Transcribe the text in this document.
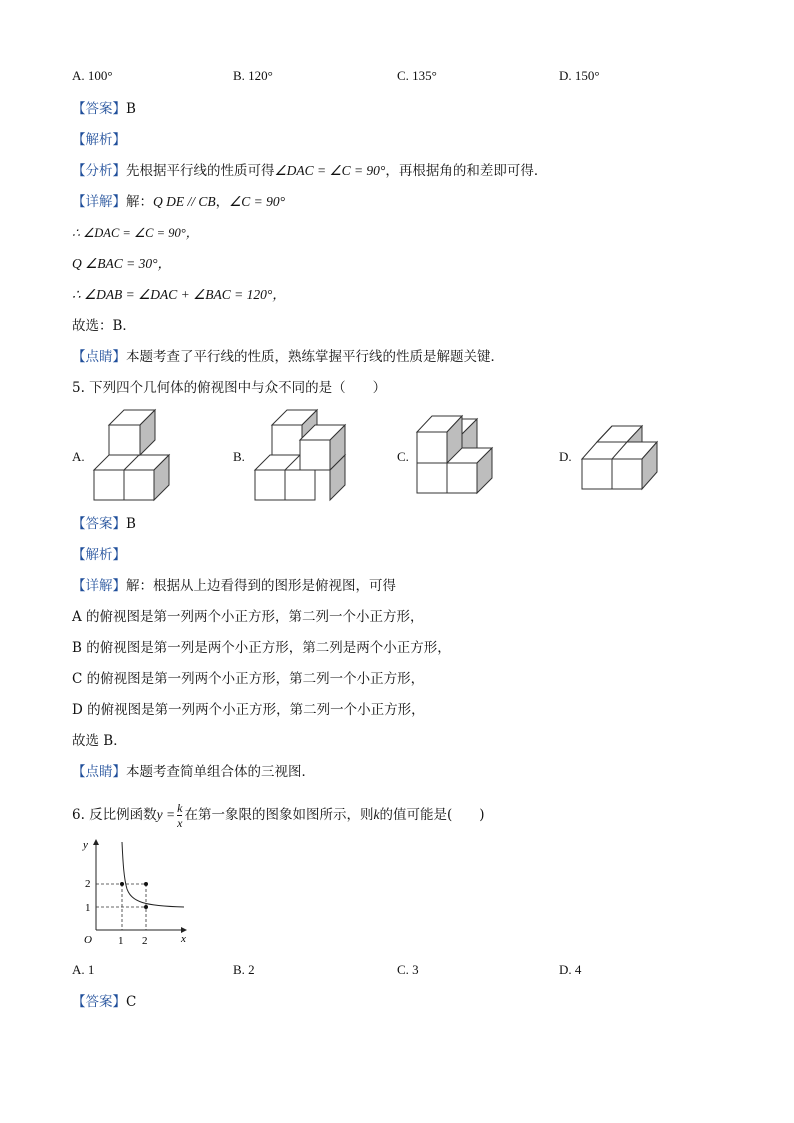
A. 100°	B. 120°	C. 135°	D. 150°
【答案】B
【解析】
【分析】先根据平行线的性质可得∠DAC = ∠C = 90°，再根据角的和差即可得．
【详解】解：Q DE // CB，∠C = 90°
∴ ∠DAC = ∠C = 90°，
Q ∠BAC = 30°，
∴ ∠DAB = ∠DAC + ∠BAC = 120°，
故选：B．
【点睛】本题考查了平行线的性质，熟练掌握平行线的性质是解题关键．
5. 下列四个几何体的俯视图中与众不同的是（　　）
A.	B.	C.	D.
【答案】B
【解析】
【详解】解：根据从上边看得到的图形是俯视图，可得
A 的俯视图是第一列两个小正方形，第二列一个小正方形，
B 的俯视图是第一列是两个小正方形，第二列是两个小正方形，
C 的俯视图是第一列两个小正方形，第二列一个小正方形，
D 的俯视图是第一列两个小正方形，第二列一个小正方形，
故选 B．
【点睛】本题考查简单组合体的三视图．
6. 反比例函数$y = \frac{k}{x}$ 在第一象限的图象如图所示，则k的值可能是(　　)
y
x
O
2
1
1 2
A. 1	B. 2	C. 3	D. 4
【答案】C
